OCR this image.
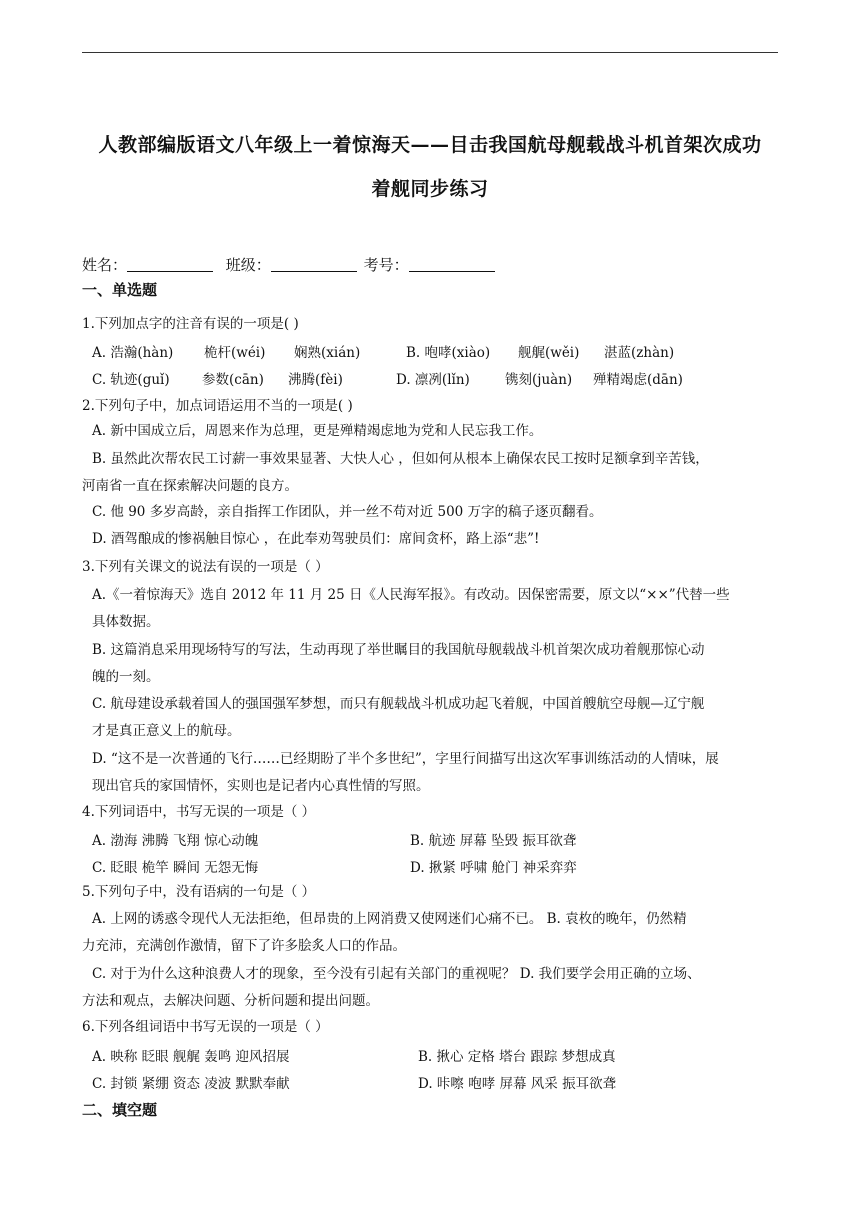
人教部编版语文八年级上一着惊海天——目击我国航母舰载战斗机首架次成功
着舰同步练习
姓名：	班级：	考号：
一、单选题
1.下列加点字的注音有误的一项是( )
A. 浩瀚(hàn) 桅杆(wéi) 娴熟(xián)	B. 咆哮(xiào) 舰艉(wěi) 湛蓝(zhàn)
C. 轨迹(guǐ) 参数(cān) 沸腾(fèi)	D. 凛冽(lǐn)	镌刻(juàn) 殚精竭虑(dān)
2.下列句子中，加点词语运用不当的一项是( )
A. 新中国成立后，周恩来作为总理，更是殚精竭虑地为党和人民忘我工作。
B. 虽然此次帮农民工讨薪一事效果显著、大快人心 ，但如何从根本上确保农民工按时足额拿到辛苦钱，
河南省一直在探索解决问题的良方。
C. 他 90 多岁高龄，亲自指挥工作团队，并一丝不苟对近 500 万字的稿子逐页翻看。
D. 酒驾酿成的惨祸触目惊心 ，在此奉劝驾驶员们：席间贪杯，路上添“悲”!
3.下列有关课文的说法有误的一项是（ ）
A.《一着惊海天》选自 2012 年 11 月 25 日《人民海军报》。有改动。因保密需要，原文以“××”代替一些
具体数据。
B. 这篇消息采用现场特写的写法，生动再现了举世瞩目的我国航母舰载战斗机首架次成功着舰那惊心动
魄的一刻。
C. 航母建设承载着国人的强国强军梦想，而只有舰载战斗机成功起飞着舰，中国首艘航空母舰—辽宁舰
才是真正意义上的航母。
D. “这不是一次普通的飞行……已经期盼了半个多世纪”，字里行间描写出这次军事训练活动的人情味，展
现出官兵的家国情怀，实则也是记者内心真性情的写照。
4.下列词语中，书写无误的一项是（ ）
A. 渤海 沸腾 飞翔 惊心动魄	B. 航迹 屏幕 坠毁 振耳欲聋
C. 眨眼 桅竿 瞬间 无怨无悔	D. 揪紧 呼啸 舱门 神采弈弈
5.下列句子中，没有语病的一句是（ ）
A. 上网的诱惑令现代人无法拒绝，但昂贵的上网消费又使网迷们心痛不已。 B. 袁枚的晚年，仍然精
力充沛，充满创作激情，留下了许多脍炙人口的作品。
C. 对于为什么这种浪费人才的现象，至今没有引起有关部门的重视呢？ D. 我们要学会用正确的立场、
方法和观点，去解决问题、分析问题和提出问题。
6.下列各组词语中书写无误的一项是（ ）
A. 映称 眨眼 舰艉 轰鸣 迎风招展	B. 揪心 定格 塔台 跟踪 梦想成真
C. 封锁 紧绷 资态 凌波 默默奉献	D. 咔嚓 咆哮 屏幕 风采 振耳欲聋
二、填空题
